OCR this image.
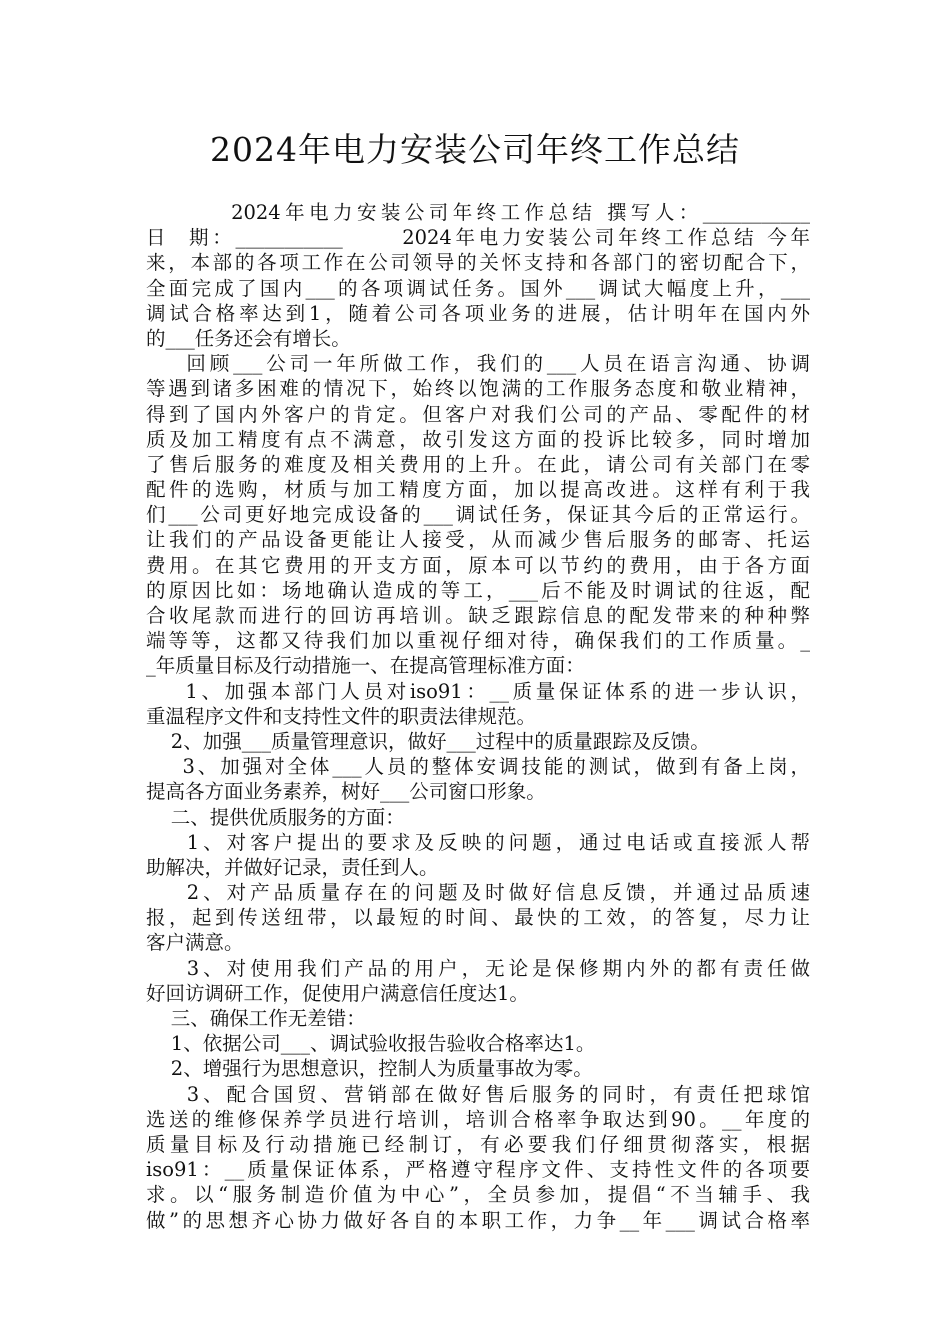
2024年电力安装公司年终工作总结
2024年电力安装公司年终工作总结 撰写人：___________
日  期：___________      2024年电力安装公司年终工作总结 今年
来，本部的各项工作在公司领导的关怀支持和各部门的密切配合下，
全面完成了国内___的各项调试任务。国外___调试大幅度上升，___
调试合格率达到1，随着公司各项业务的进展，估计明年在国内外
的___任务还会有增长。
回顾___公司一年所做工作，我们的___人员在语言沟通、协调
等遇到诸多困难的情况下，始终以饱满的工作服务态度和敬业精神，
得到了国内外客户的肯定。但客户对我们公司的产品、零配件的材
质及加工精度有点不满意，故引发这方面的投诉比较多，同时增加
了售后服务的难度及相关费用的上升。在此，请公司有关部门在零
配件的选购，材质与加工精度方面，加以提高改进。这样有利于我
们___公司更好地完成设备的___调试任务，保证其今后的正常运行。
让我们的产品设备更能让人接受，从而减少售后服务的邮寄、托运
费用。在其它费用的开支方面，原本可以节约的费用，由于各方面
的原因比如：场地确认造成的等工，___后不能及时调试的往返，配
合收尾款而进行的回访再培训。缺乏跟踪信息的配发带来的种种弊
端等等，这都又待我们加以重视仔细对待，确保我们的工作质量。_
_年质量目标及行动措施一、在提高管理标准方面：
1、加强本部门人员对iso91：__质量保证体系的进一步认识，
重温程序文件和支持性文件的职责法律规范。
2、加强___质量管理意识，做好___过程中的质量跟踪及反馈。
3、加强对全体___人员的整体安调技能的测试，做到有备上岗，
提高各方面业务素养，树好___公司窗口形象。
二、提供优质服务的方面：
1、对客户提出的要求及反映的问题，通过电话或直接派人帮
助解决，并做好记录，责任到人。
2、对产品质量存在的问题及时做好信息反馈，并通过品质速
报，起到传送纽带，以最短的时间、最快的工效，的答复，尽力让
客户满意。
3、对使用我们产品的用户，无论是保修期内外的都有责任做
好回访调研工作，促使用户满意信任度达1。
三、确保工作无差错：
1、依据公司___、调试验收报告验收合格率达1。
2、增强行为思想意识，控制人为质量事故为零。
3、配合国贸、营销部在做好售后服务的同时，有责任把球馆
选送的维修保养学员进行培训，培训合格率争取达到90。__年度的
质量目标及行动措施已经制订，有必要我们仔细贯彻落实，根据
iso91：__质量保证体系，严格遵守程序文件、支持性文件的各项要
求。以“服务制造价值为中心”，全员参加，提倡“不当辅手、我
做”的思想齐心协力做好各自的本职工作，力争__年___调试合格率
